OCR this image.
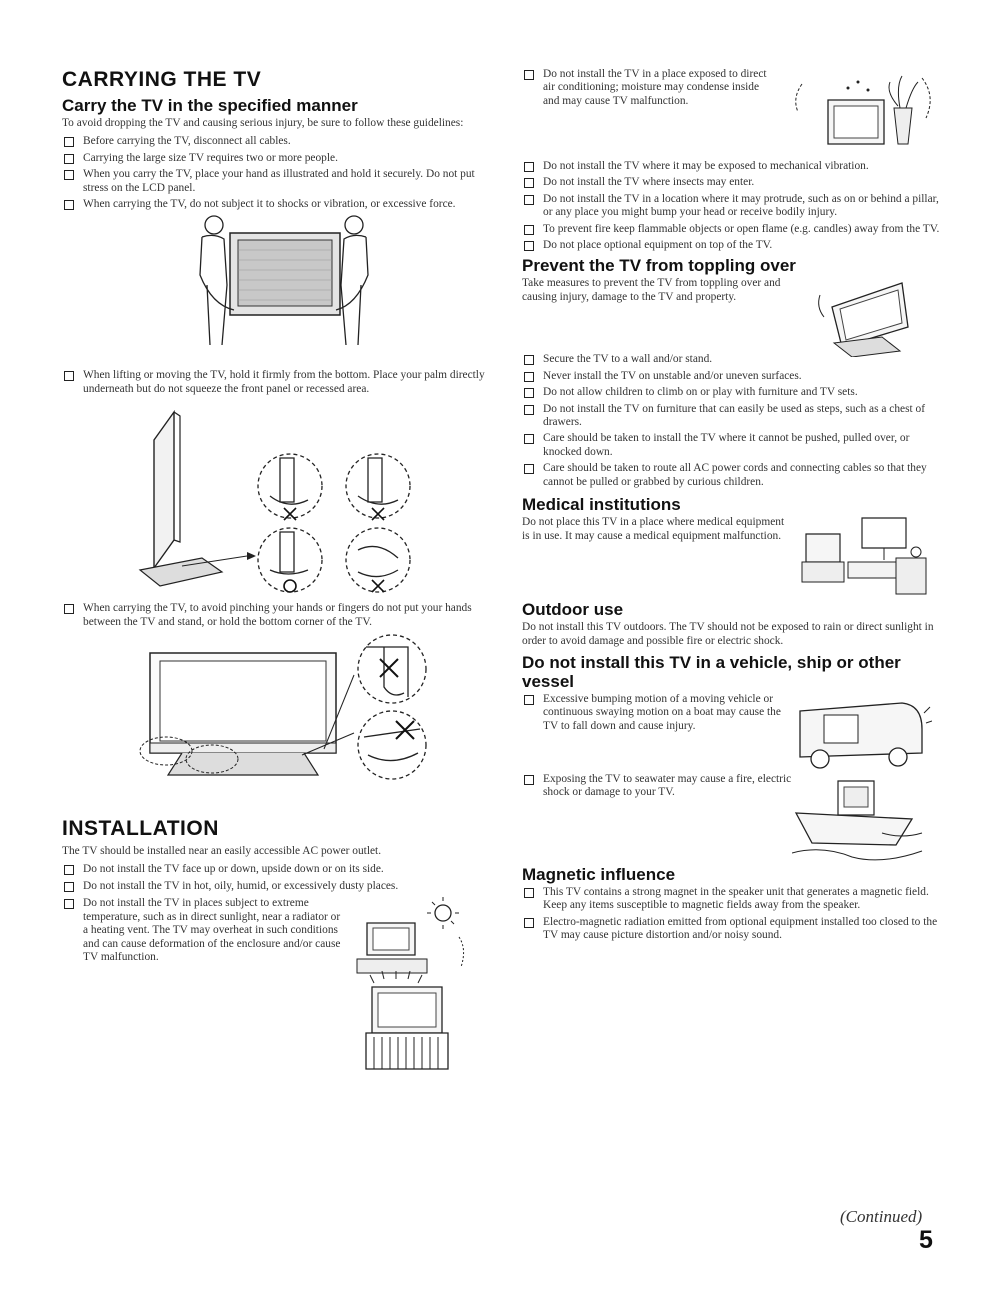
CARRYING THE TV
Carry the TV in the specified manner

To avoid dropping the TV and causing serious injury, be sure to follow these guidelines:

Before carrying the TV, disconnect all cables.
Carrying the large size TV requires two or more people.
When you carry the TV, place your hand as illustrated and hold it securely. Do not put stress on the LCD panel.
When carrying the TV, do not subject it to shocks or vibration, or excessive force.
When lifting or moving the TV, hold it firmly from the bottom. Place your palm directly underneath but do not squeeze the front panel or recessed area.
When carrying the TV, to avoid pinching your hands or fingers do not put your hands between the TV and stand, or hold the bottom corner of the TV.
INSTALLATION

The TV should be installed near an easily accessible AC power outlet.

Do not install the TV face up or down, upside down or on its side.
Do not install the TV in hot, oily, humid, or excessively dusty places.
Do not install the TV in places subject to extreme temperature, such as in direct sunlight, near a radiator or a heating vent. The TV may overheat in such conditions and can cause deformation of the enclosure and/or cause TV malfunction.
Do not install the TV in a place exposed to direct air conditioning; moisture may condense inside and may cause TV malfunction.
Do not install the TV where it may be exposed to mechanical vibration.
Do not install the TV where insects may enter.
Do not install the TV in a location where it may protrude, such as on or behind a pillar, or any place you might bump your head or receive bodily injury.
To prevent fire keep flammable objects or open flame (e.g. candles) away from the TV.
Do not place optional equipment on top of the TV.
Prevent the TV from toppling over

Take measures to prevent the TV from toppling over and causing injury, damage to the TV and property.

Secure the TV to a wall and/or stand.
Never install the TV on unstable and/or uneven surfaces.
Do not allow children to climb on or play with furniture and TV sets.
Do not install the TV on furniture that can easily be used as steps, such as a chest of drawers.
Care should be taken to install the TV where it cannot be pushed, pulled over, or knocked down.
Care should be taken to route all AC power cords and connecting cables so that they cannot be pulled or grabbed by curious children.
Medical institutions

Do not place this TV in a place where medical equipment is in use. It may cause a medical equipment malfunction.

Outdoor use

Do not install this TV outdoors. The TV should not be exposed to rain or direct sunlight in order to avoid damage and possible fire or electric shock.

Do not install this TV in a vehicle, ship or other vessel
Excessive bumping motion of a moving vehicle or continuous swaying motion on a boat may cause the TV to fall down and cause injury.
Exposing the TV to seawater may cause a fire, electric shock or damage to your TV.
Magnetic influence
This TV contains a strong magnet in the speaker unit that generates a magnetic field. Keep any items susceptible to magnetic fields away from the speaker.
Electro-magnetic radiation emitted from optional equipment installed too closed to the TV may cause picture distortion and/or noisy sound.
(Continued)
5
